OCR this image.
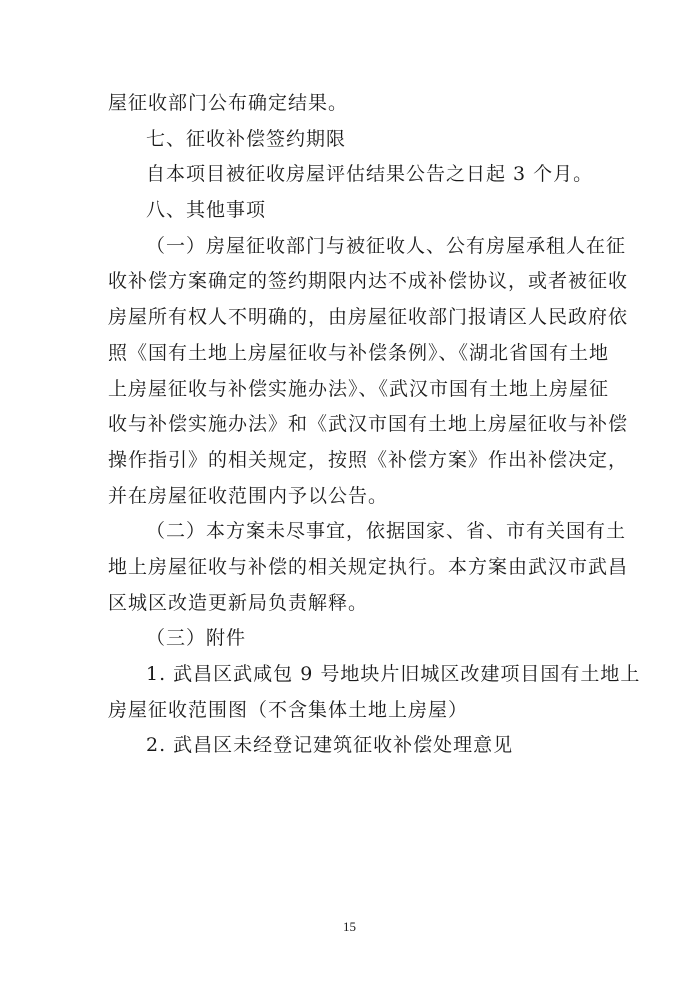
屋征收部门公布确定结果。
七、征收补偿签约期限
自本项目被征收房屋评估结果公告之日起 3 个月。
八、其他事项
（一）房屋征收部门与被征收人、公有房屋承租人在征
收补偿方案确定的签约期限内达不成补偿协议，或者被征收
房屋所有权人不明确的，由房屋征收部门报请区人民政府依
照《国有土地上房屋征收与补偿条例》、《湖北省国有土地
上房屋征收与补偿实施办法》、《武汉市国有土地上房屋征
收与补偿实施办法》和《武汉市国有土地上房屋征收与补偿
操作指引》的相关规定，按照《补偿方案》作出补偿决定，
并在房屋征收范围内予以公告。
（二）本方案未尽事宜，依据国家、省、市有关国有土
地上房屋征收与补偿的相关规定执行。本方案由武汉市武昌
区城区改造更新局负责解释。
（三）附件
1. 武昌区武咸包 9 号地块片旧城区改建项目国有土地上
房屋征收范围图（不含集体土地上房屋）
2. 武昌区未经登记建筑征收补偿处理意见
15
